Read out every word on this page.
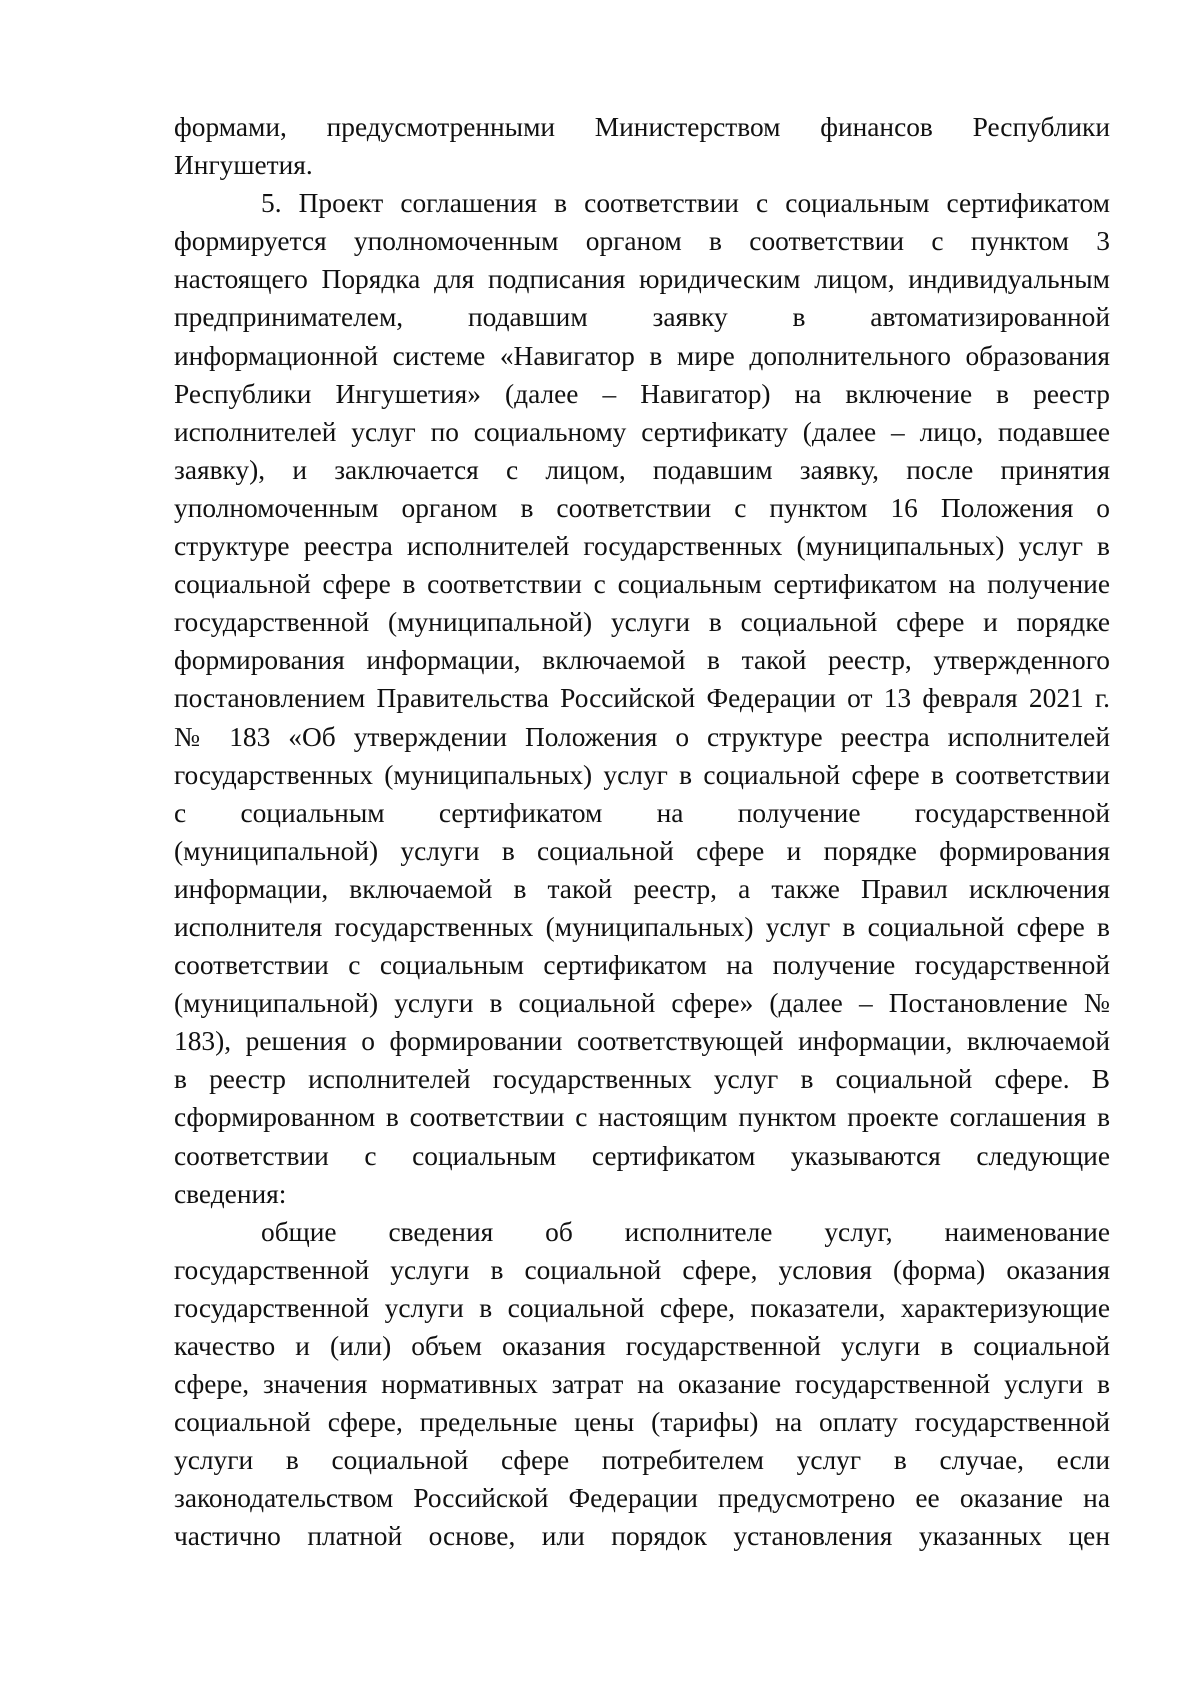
формами, предусмотренными Министерством финансов Республики
Ингушетия.
5. Проект соглашения в соответствии с социальным сертификатом
формируется уполномоченным органом в соответствии с пунктом 3
настоящего Порядка для подписания юридическим лицом, индивидуальным
предпринимателем, подавшим заявку в автоматизированной
информационной системе «Навигатор в мире дополнительного образования
Республики Ингушетия» (далее – Навигатор) на включение в реестр
исполнителей услуг по социальному сертификату (далее – лицо, подавшее
заявку), и заключается с лицом, подавшим заявку, после принятия
уполномоченным органом в соответствии с пунктом 16 Положения о
структуре реестра исполнителей государственных (муниципальных) услуг в
социальной сфере в соответствии с социальным сертификатом на получение
государственной (муниципальной) услуги в социальной сфере и порядке
формирования информации, включаемой в такой реестр, утвержденного
постановлением Правительства Российской Федерации от 13 февраля 2021 г.
№ 183 «Об утверждении Положения о структуре реестра исполнителей
государственных (муниципальных) услуг в социальной сфере в соответствии
с социальным сертификатом на получение государственной
(муниципальной) услуги в социальной сфере и порядке формирования
информации, включаемой в такой реестр, а также Правил исключения
исполнителя государственных (муниципальных) услуг в социальной сфере в
соответствии с социальным сертификатом на получение государственной
(муниципальной) услуги в социальной сфере» (далее – Постановление №
183), решения о формировании соответствующей информации, включаемой
в реестр исполнителей государственных услуг в социальной сфере. В
сформированном в соответствии с настоящим пунктом проекте соглашения в
соответствии с социальным сертификатом указываются следующие
сведения:
общие сведения об исполнителе услуг, наименование
государственной услуги в социальной сфере, условия (форма) оказания
государственной услуги в социальной сфере, показатели, характеризующие
качество и (или) объем оказания государственной услуги в социальной
сфере, значения нормативных затрат на оказание государственной услуги в
социальной сфере, предельные цены (тарифы) на оплату государственной
услуги в социальной сфере потребителем услуг в случае, если
законодательством Российской Федерации предусмотрено ее оказание на
частично платной основе, или порядок установления указанных цен
